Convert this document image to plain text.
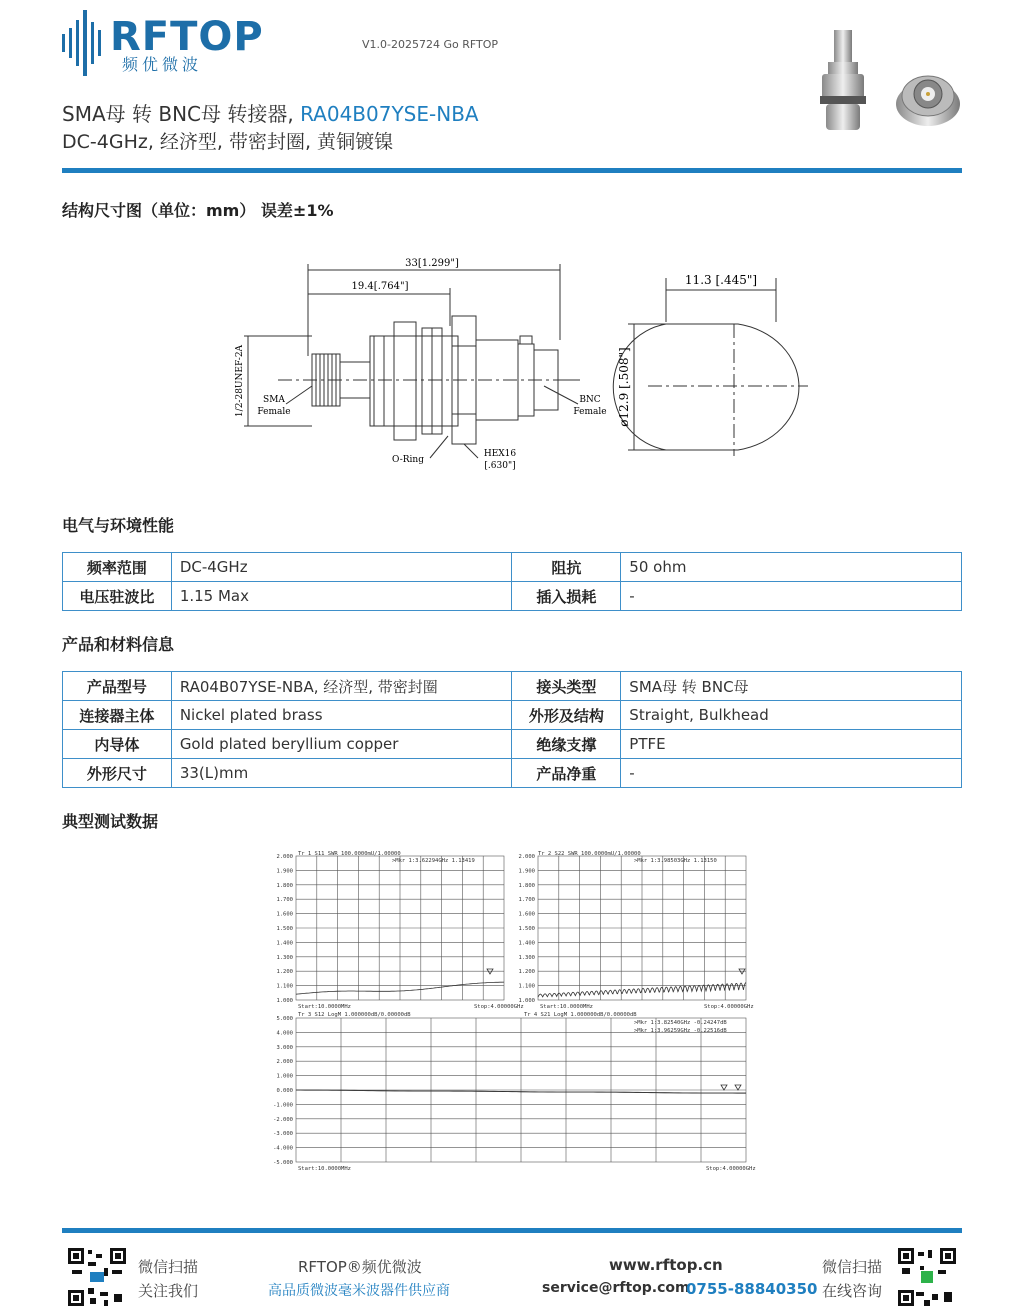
RFTOP
频优微波
V1.0-2025724 Go RFTOP
SMA母 转 BNC母 转接器, RA04B07YSE-NBA
DC-4GHz, 经济型, 带密封圈, 黄铜镀镍
结构尺寸图（单位：mm） 误差±1%
33[1.299"]
19.4[.764"]
1/2-28UNEF-2A SMA
Female
BNC
Female
O-Ring
HEX16
[.630"]
11.3 [.445"]
ø12.9 [.508"]
电气与环境性能
频率范围	DC-4GHz	阻抗	50 ohm
电压驻波比	1.15 Max	插入损耗	-
产品和材料信息
产品型号	RA04B07YSE-NBA, 经济型, 带密封圈	接头类型	SMA母 转 BNC母
连接器主体	Nickel plated brass	外形及结构	Straight, Bulkhead
内导体	Gold plated beryllium copper	绝缘支撑	PTFE
外形尺寸	33(L)mm	产品净重	-
典型测试数据
Tr 1 S11 SWR 100.0000mU/1.00000
>Mkr 1:3.62294GHz 1.13419
Tr 2 S22 SWR 100.0000mU/1.00000
>Mkr 1:3.98503GHz 1.13150
Tr 3 S12 LogM 1.000000dB/0.00000dB	Tr 4 S21 LogM 1.000000dB/0.00000dB
>Mkr 1:3.82540GHz -0.24247dB
>Mkr 1:3.96259GHz -0.22516dB
Start:10.0000MHz	Stop:4.00000GHz	Start:10.0000MHz	Stop:4.00000GHz
Start:10.0000MHz	Stop:4.00000GHz
2.000
1.900
1.800
1.700
1.600
1.500
1.400
1.300
1.200
1.100
1.000
2.000
1.900
1.800
1.700
1.600
1.500
1.400
1.300
1.200
1.100
1.000
5.000
4.000
3.000
2.000
1.000
0.000
-1.000
-2.000
-3.000
-4.000
-5.000
微信扫描
关注我们
RFTOP®频优微波
高品质微波毫米波器件供应商
www.rftop.cn
service@rftop.com
0755-88840350
微信扫描
在线咨询
